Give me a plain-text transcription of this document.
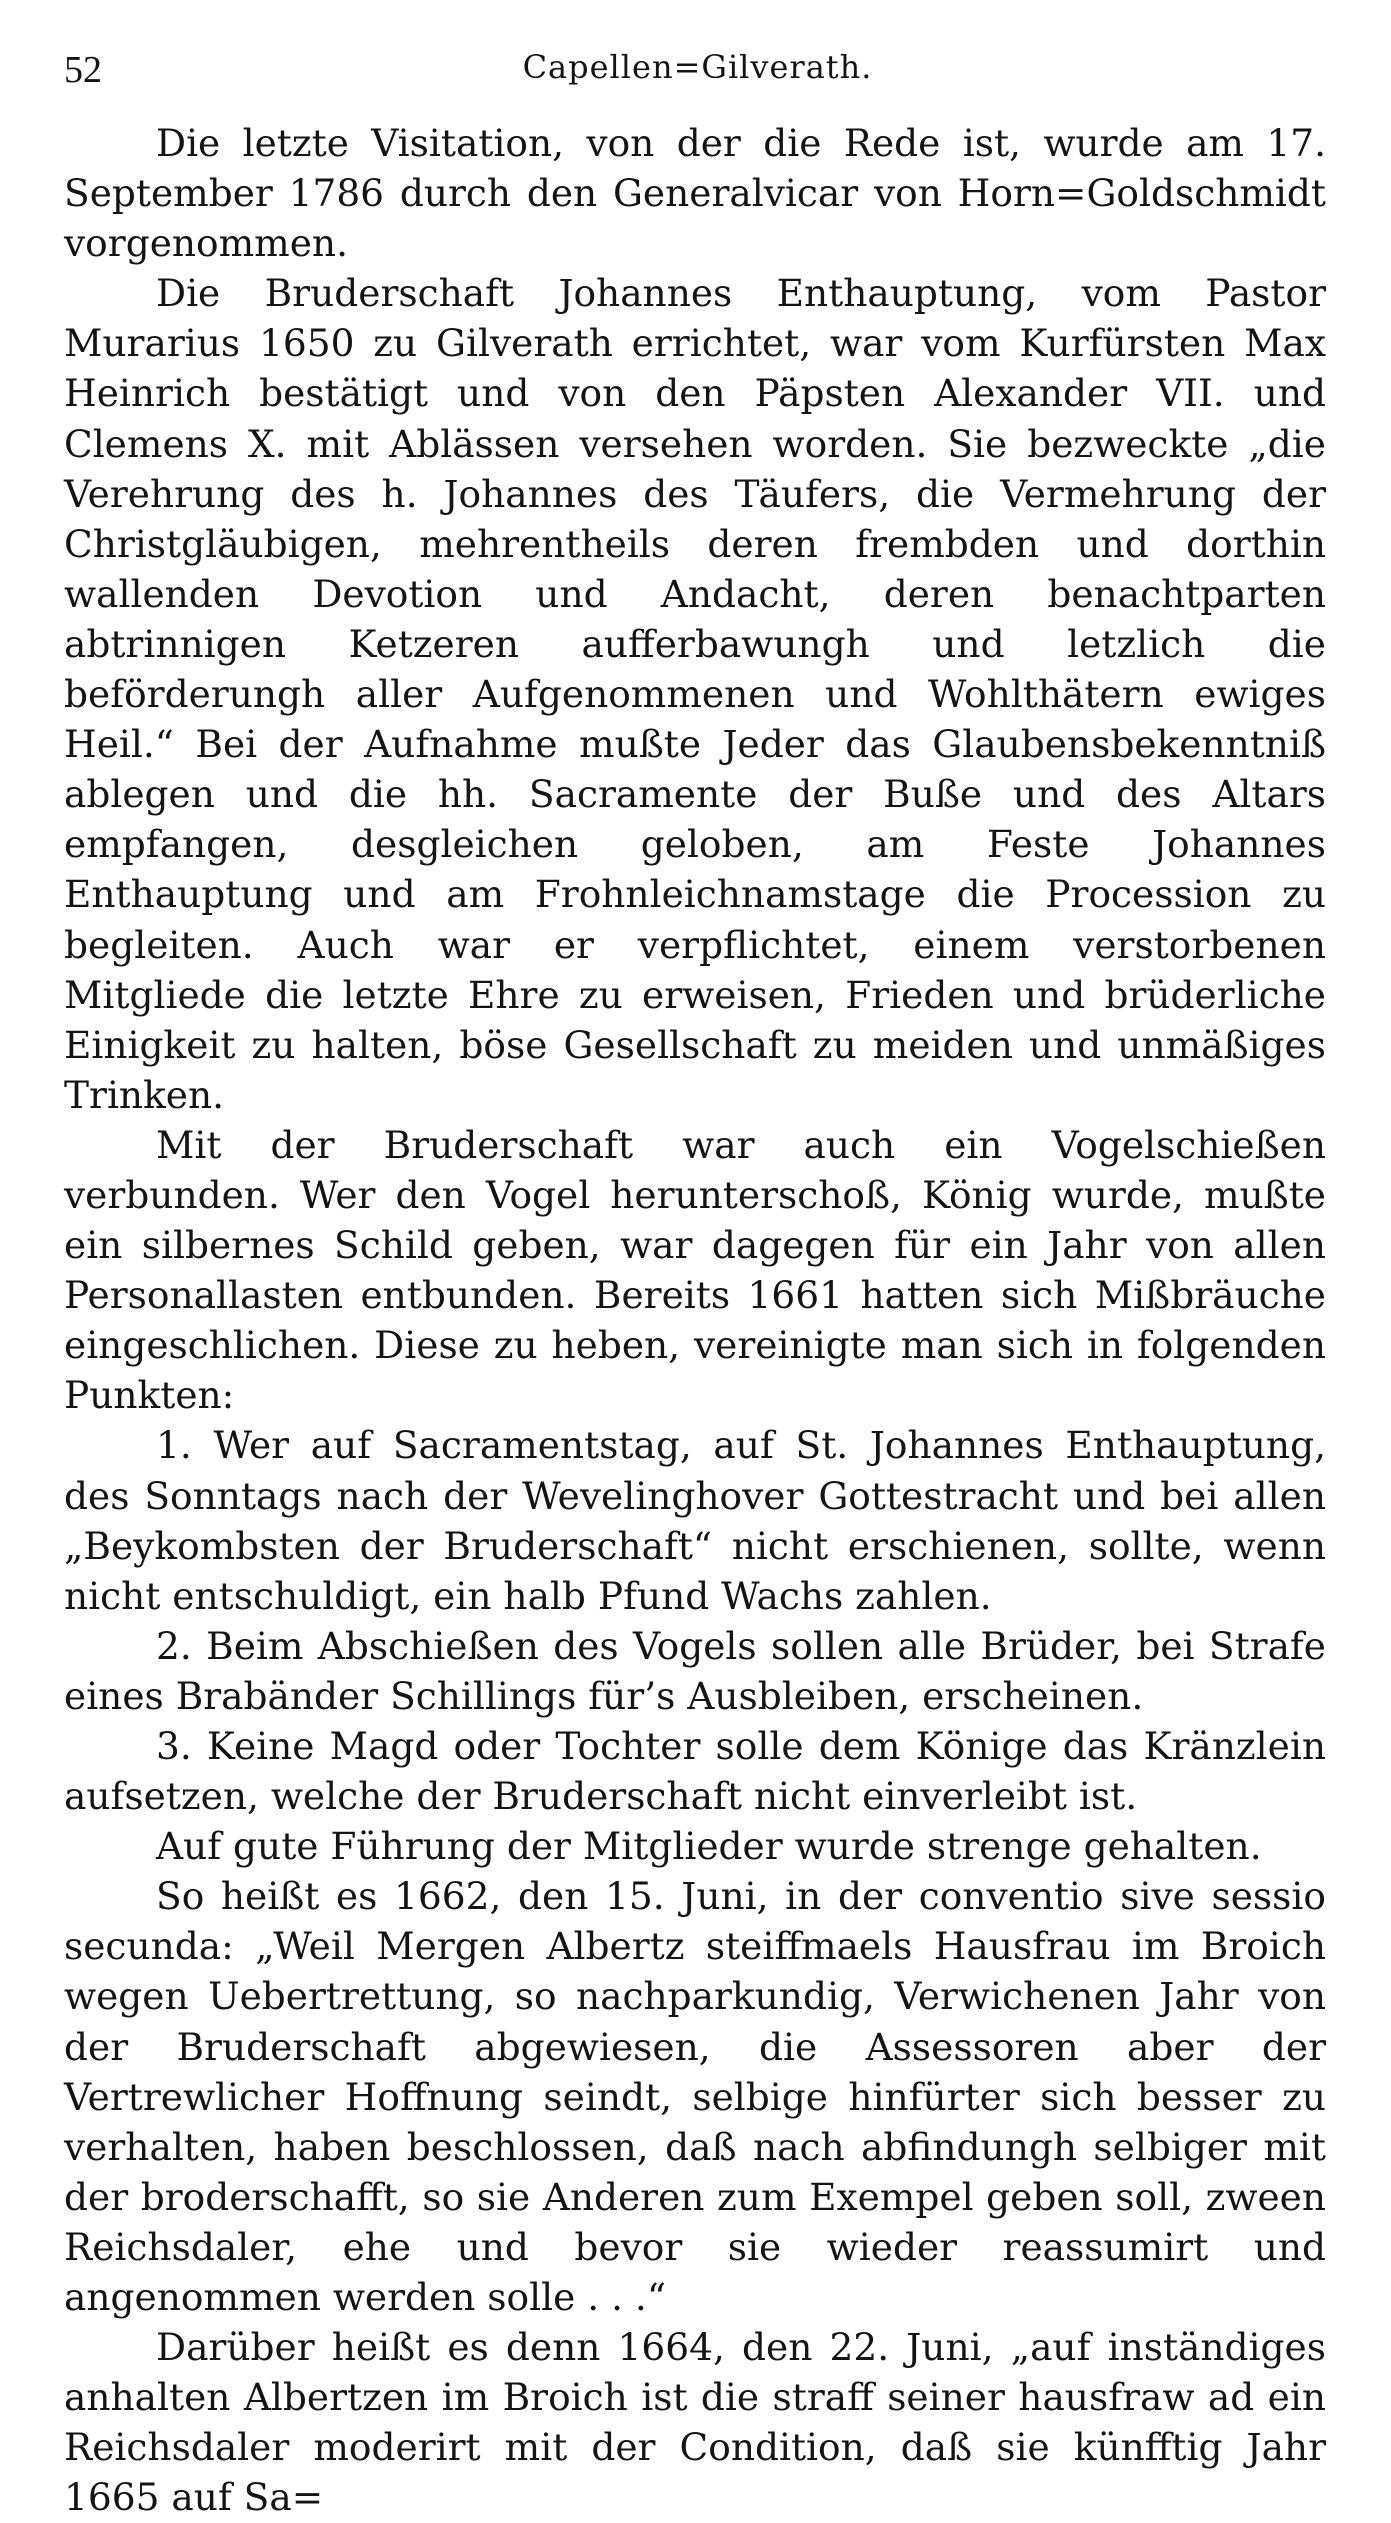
52	Capellen=Gilverath.

Die letzte Visitation, von der die Rede ist, wurde am 17. September 1786 durch den Generalvicar von Horn=Goldschmidt vorgenommen.

Die Bruderschaft Johannes Enthauptung, vom Pastor Murarius 1650 zu Gilverath errichtet, war vom Kurfürsten Max Heinrich bestätigt und von den Päpsten Alexander VII. und Clemens X. mit Ablässen versehen worden. Sie bezweckte „die Verehrung des h. Johannes des Täufers, die Vermehrung der Christgläubigen, mehrentheils deren frembden und dorthin wallenden Devotion und Andacht, deren benachtparten abtrinnigen Ketzeren aufferbawungh und letzlich die beförderungh aller Aufgenommenen und Wohlthätern ewiges Heil.“ Bei der Aufnahme mußte Jeder das Glaubensbekenntniß ablegen und die hh. Sacramente der Buße und des Altars empfangen, desgleichen geloben, am Feste Johannes Enthauptung und am Frohnleichnamstage die Procession zu begleiten. Auch war er verpflichtet, einem verstorbenen Mitgliede die letzte Ehre zu erweisen, Frieden und brüderliche Einigkeit zu halten, böse Gesellschaft zu meiden und unmäßiges Trinken.

Mit der Bruderschaft war auch ein Vogelschießen verbunden. Wer den Vogel herunterschoß, König wurde, mußte ein silbernes Schild geben, war dagegen für ein Jahr von allen Personallasten entbunden. Bereits 1661 hatten sich Mißbräuche eingeschlichen. Diese zu heben, vereinigte man sich in folgenden Punkten:

1. Wer auf Sacramentstag, auf St. Johannes Enthauptung, des Sonntags nach der Wevelinghover Gottestracht und bei allen „Beykombsten der Bruderschaft“ nicht erschienen, sollte, wenn nicht entschuldigt, ein halb Pfund Wachs zahlen.

2. Beim Abschießen des Vogels sollen alle Brüder, bei Strafe eines Brabänder Schillings für’s Ausbleiben, erscheinen.

3. Keine Magd oder Tochter solle dem Könige das Kränzlein aufsetzen, welche der Bruderschaft nicht einverleibt ist.

Auf gute Führung der Mitglieder wurde strenge gehalten.

So heißt es 1662, den 15. Juni, in der conventio sive sessio secunda: „Weil Mergen Albertz steiffmaels Hausfrau im Broich wegen Uebertrettung, so nachparkundig, Verwichenen Jahr von der Bruderschaft abgewiesen, die Assessoren aber der Vertrewlicher Hoffnung seindt, selbige hinfürter sich besser zu verhalten, haben beschlossen, daß nach abfindungh selbiger mit der broderschafft, so sie Anderen zum Exempel geben soll, zween Reichsdaler, ehe und bevor sie wieder reassumirt und angenommen werden solle . . .“

Darüber heißt es denn 1664, den 22. Juni, „auf inständiges anhalten Albertzen im Broich ist die straff seiner hausfraw ad ein Reichsdaler moderirt mit der Condition, daß sie künfftig Jahr 1665 auf Sa=
